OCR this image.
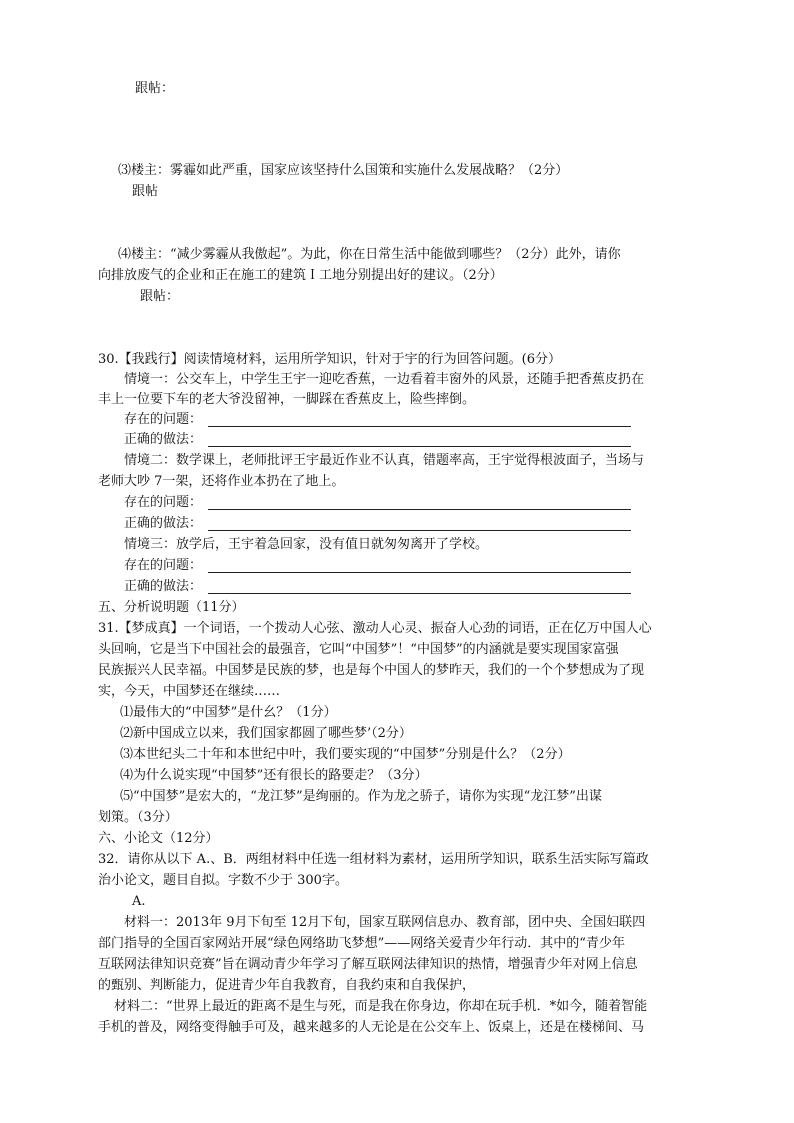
跟帖：
⑶楼主：雾霾如此严重，国家应该坚持什么国策和实施什么发展战略？（2分）
跟帖
⑷楼主：“减少雾霾从我傲起”。为此，你在日常生活中能做到哪些？（2分）此外，请你
向排放废气的企业和正在施工的建筑Ｉ工地分别提出好的建议。（2分）
跟帖：
30.【我践行】阅读情境材料，运用所学知识，针对于宇的行为回答问题。(6分）
情境一：公交车上，中学生王宇一迎吃香蕉，一边看着丰窗外的风景，还随手把香蕉皮扔在
丰上一位要下车的老大爷没留神，一脚踩在香蕉皮上，险些摔倒。
存在的问题：
正确的做法：
情境二：数学课上，老师批评王宇最近作业不认真，错题率高，王宇觉得根波面子，当场与
老师大吵 7一架，还将作业本扔在了地上。
存在的问题：
正确的做法：
情境三：放学后，王宇着急回家，没有值日就匆匆离开了学校。
存在的问题：
正确的做法：
五、分析说明题（11分）
31.【梦成真】一个词语，一个拨动人心弦、激动人心灵、振奋人心劲的词语，正在亿万中国人心
头回响，它是当下中国社会的最强音，它叫“中国梦”！“中国梦”的内涵就是要实现国家富强
民族振兴人民幸福。中国梦是民族的梦，也是每个中国人的梦昨天，我们的一个个梦想成为了现
实，今天，中国梦还在继续……
⑴最伟大的“中国梦”是什幺？（1分）
⑵新中国成立以来，我们国家都圆了哪些梦’（2分）
⑶本世纪头二十年和本世纪中叶，我们要实现的“中国梦”分别是什么？（2分）
⑷为什么说实现“中国梦”还有很长的路要走？（3分）
⑸“中国梦”是宏大的，“龙江梦”是绚丽的。作为龙之骄子，请你为实现“龙江梦”出谋
划策。（3分）
六、小论文（12分）
32．请你从以下 A.、B．两组材料中任选一组材料为素材，运用所学知识，联系生活实际写篇政
治小论文，题目自拟。字数不少于 300字。
A.
材料一：2013年 9月下旬至 12月下旬，国家互联网信息办、教育部，团中央、全国妇联四
部门指导的全国百家网站开展“绿色网络助飞梦想”——网络关爱青少年行动．其中的“青少年
互联网法律知识竞赛”旨在调动青少年学习了解互联网法律知识的热情，增强青少年对网上信息
的甄别、判断能力，促进青少年自我教育，自我约束和自我保护，
材料二：“世界上最近的距离不是生与死，而是我在你身边，你却在玩手机．*如今，随着智能
手机的普及，网络变得触手可及，越来越多的人无论是在公交车上、饭桌上，还是在楼梯间、马
